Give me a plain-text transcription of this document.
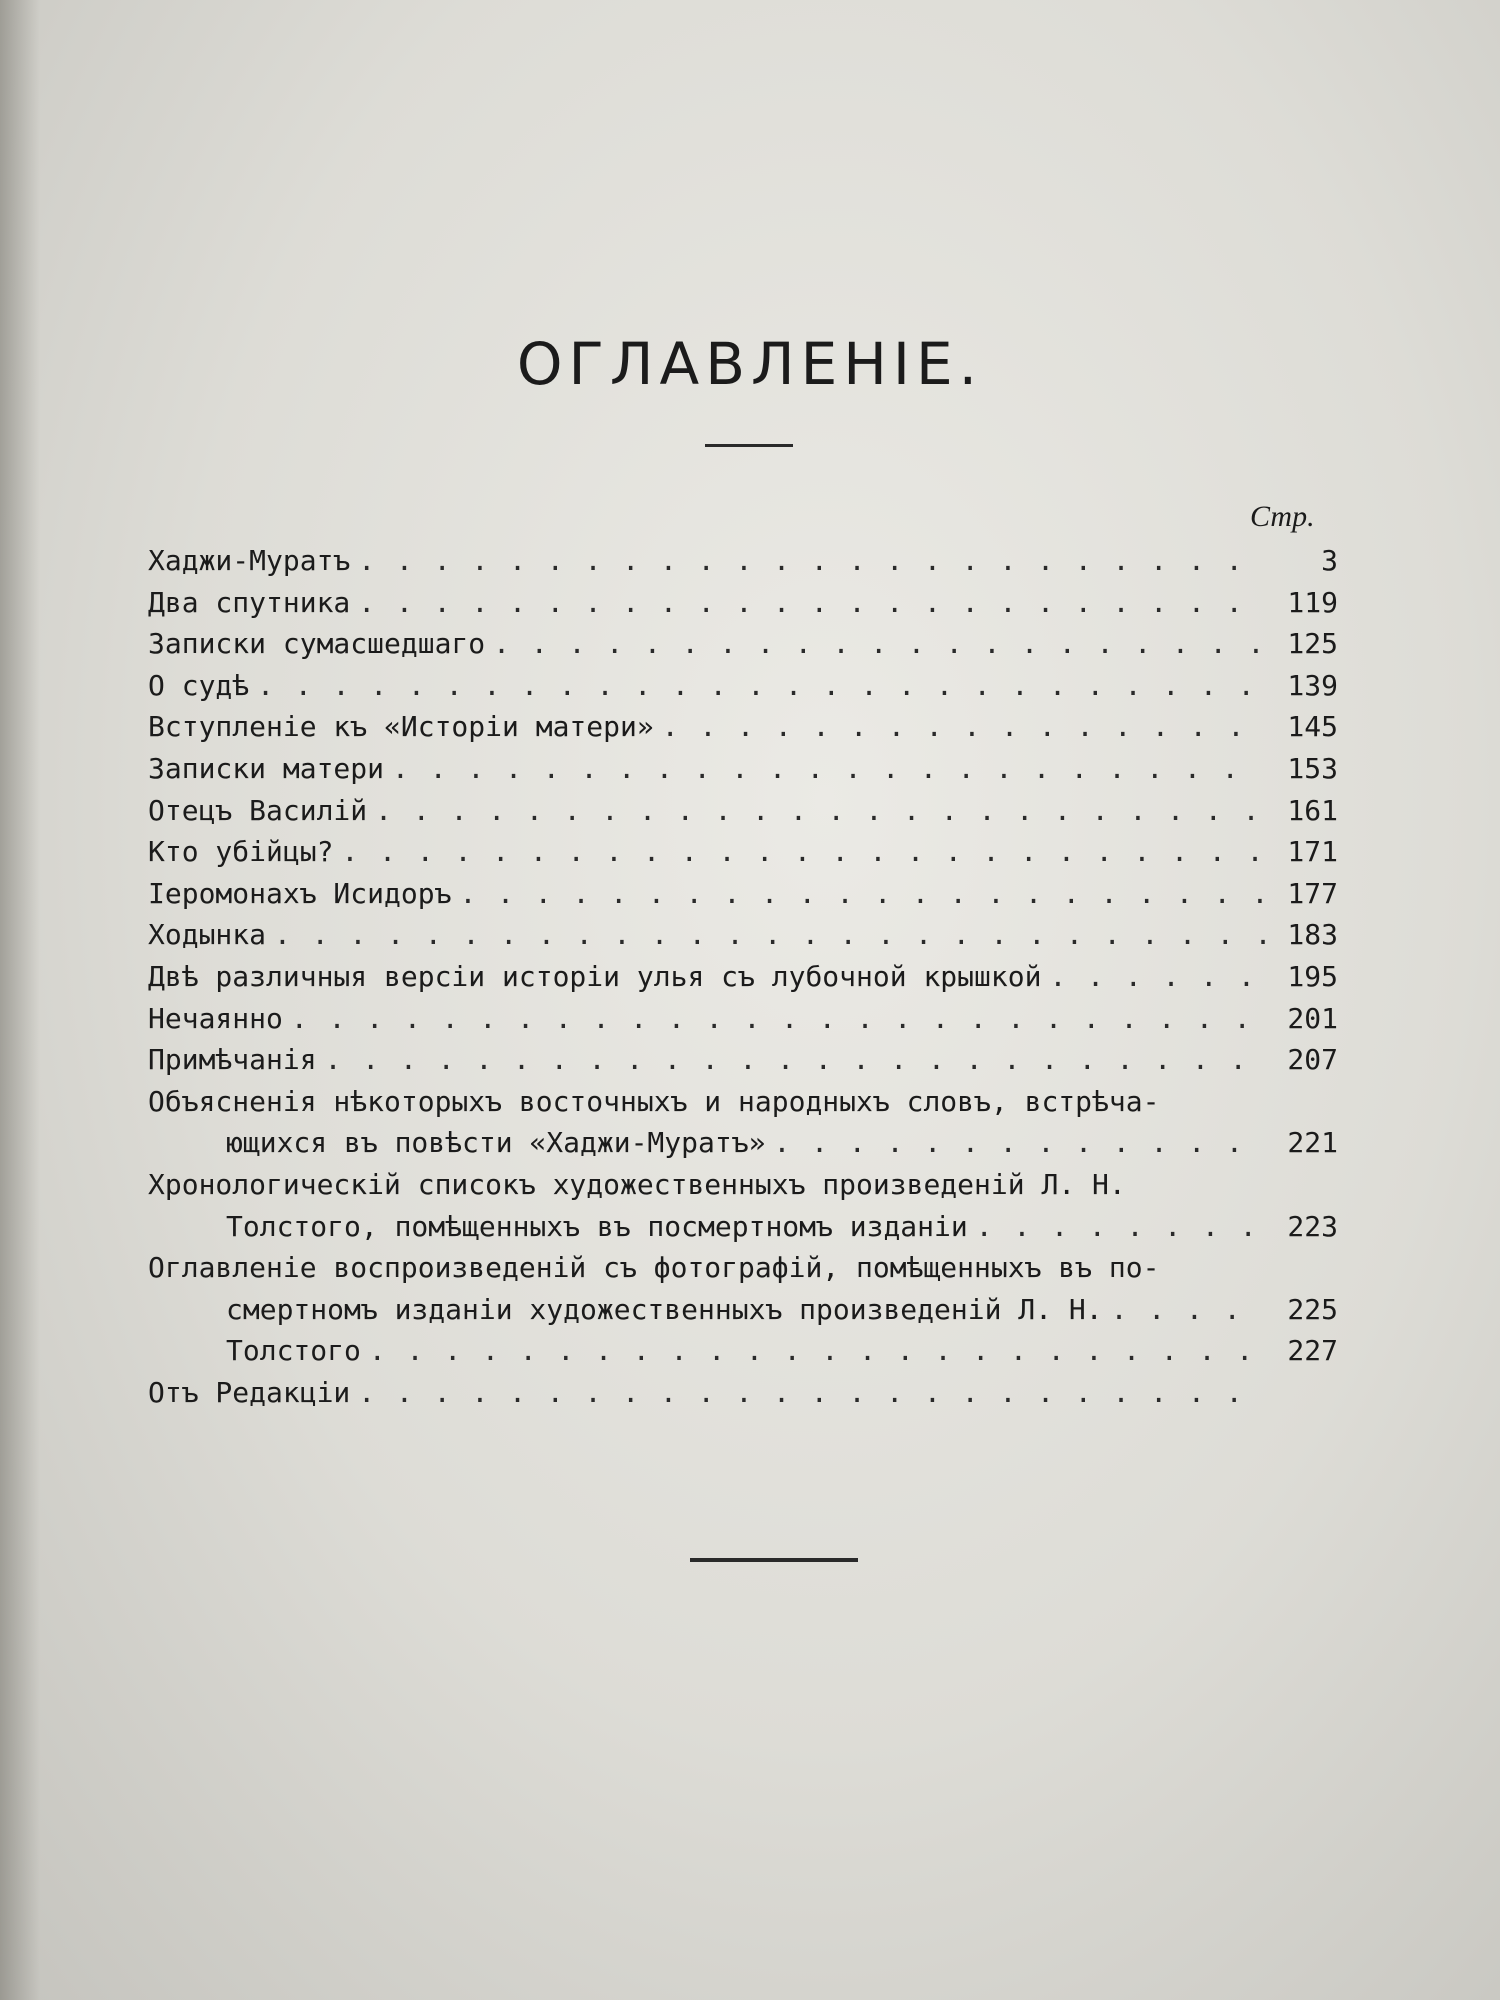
ОГЛАВЛЕНІЕ.
Стр.
Хаджи-Муратъ . . .	3
Два спутника . . .	119
Записки сумасшедшаго . . .	125
О судѣ . . .	139
Вступленіе къ «Исторіи матери» . . .	145
Записки матери . . .	153
Отецъ Василій . . .	161
Кто убійцы? . . .	171
Іеромонахъ Исидоръ . . .	177
Ходынка . . .	183
Двѣ различныя версіи исторіи улья съ лубочной крышкой . . .	195
Нечаянно . . .	201
Примѣчанія . . .	207
Объясненія нѣкоторыхъ восточныхъ и народныхъ словъ, встрѣча-
ющихся въ повѣсти «Хаджи-Муратъ» . . .	221
Хронологическій списокъ художественныхъ произведеній Л. Н.
Толстого, помѣщенныхъ въ посмертномъ изданіи . . .	223
Оглавленіе воспроизведеній съ фотографій, помѣщенныхъ въ по-
смертномъ изданіи художественныхъ произведеній Л. Н. . . .	225
Толстого . . .	227
Отъ Редакціи
. . .
